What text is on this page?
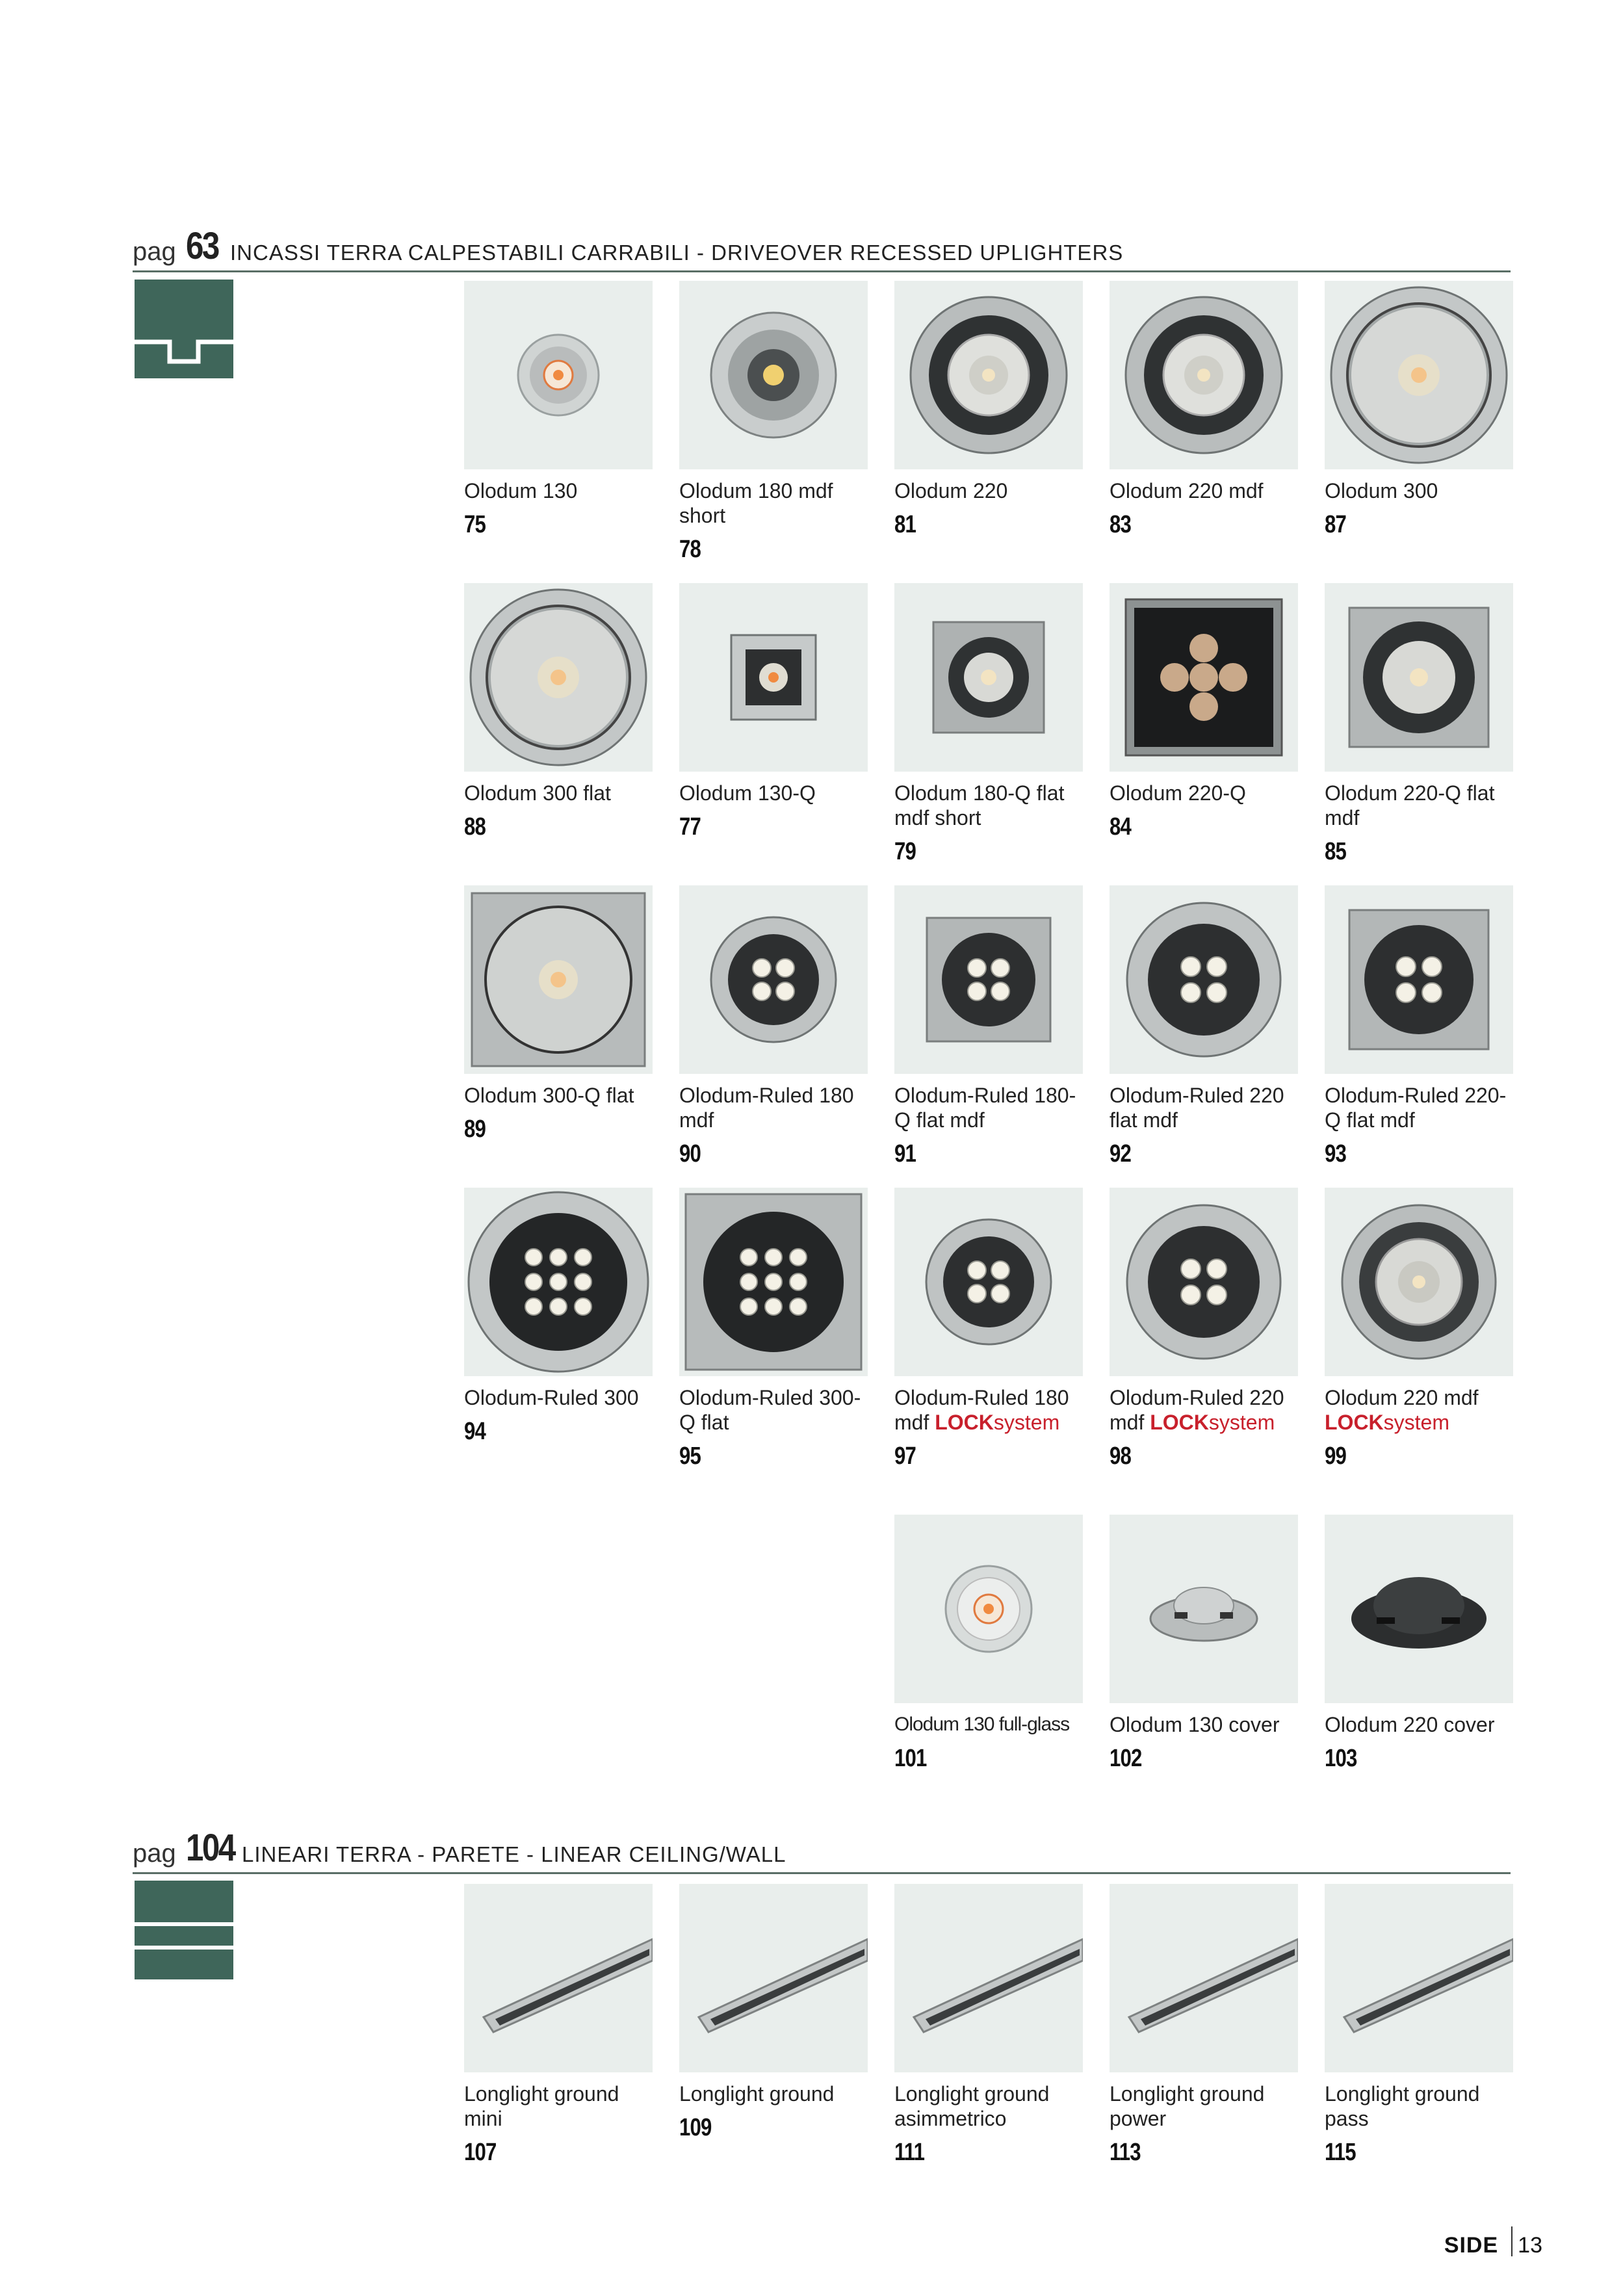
pag 63 INCASSI TERRA CALPESTABILI CARRABILI - DRIVEOVER RECESSED UPLIGHTERS
pag 104 LINEARI TERRA - PARETE - LINEAR CEILING/WALL
Olodum 130
75
Olodum 180 mdf short
78
Olodum 220
81
Olodum 220 mdf
83
Olodum 300
87
Olodum 300 flat
88
Olodum 130-Q
77
Olodum 180-Q flat mdf short
79
Olodum 220-Q
84
Olodum 220-Q flat mdf
85
Olodum 300-Q flat
89
Olodum-Ruled 180 mdf
90
Olodum-Ruled 180-Q flat mdf
91
Olodum-Ruled 220 flat mdf
92
Olodum-Ruled 220-Q flat mdf
93
Olodum-Ruled 300
94
Olodum-Ruled 300-Q flat
95
Olodum-Ruled 180 mdf LOCKsystem
97
Olodum-Ruled 220 mdf LOCKsystem
98
Olodum 220 mdf LOCKsystem
99
Olodum 130 full-glass
101
Olodum 130 cover
102
Olodum 220 cover
103
Longlight ground mini
107
Longlight ground
109
Longlight ground asimmetrico
111
Longlight ground power
113
Longlight ground pass
115
SIDE 13
